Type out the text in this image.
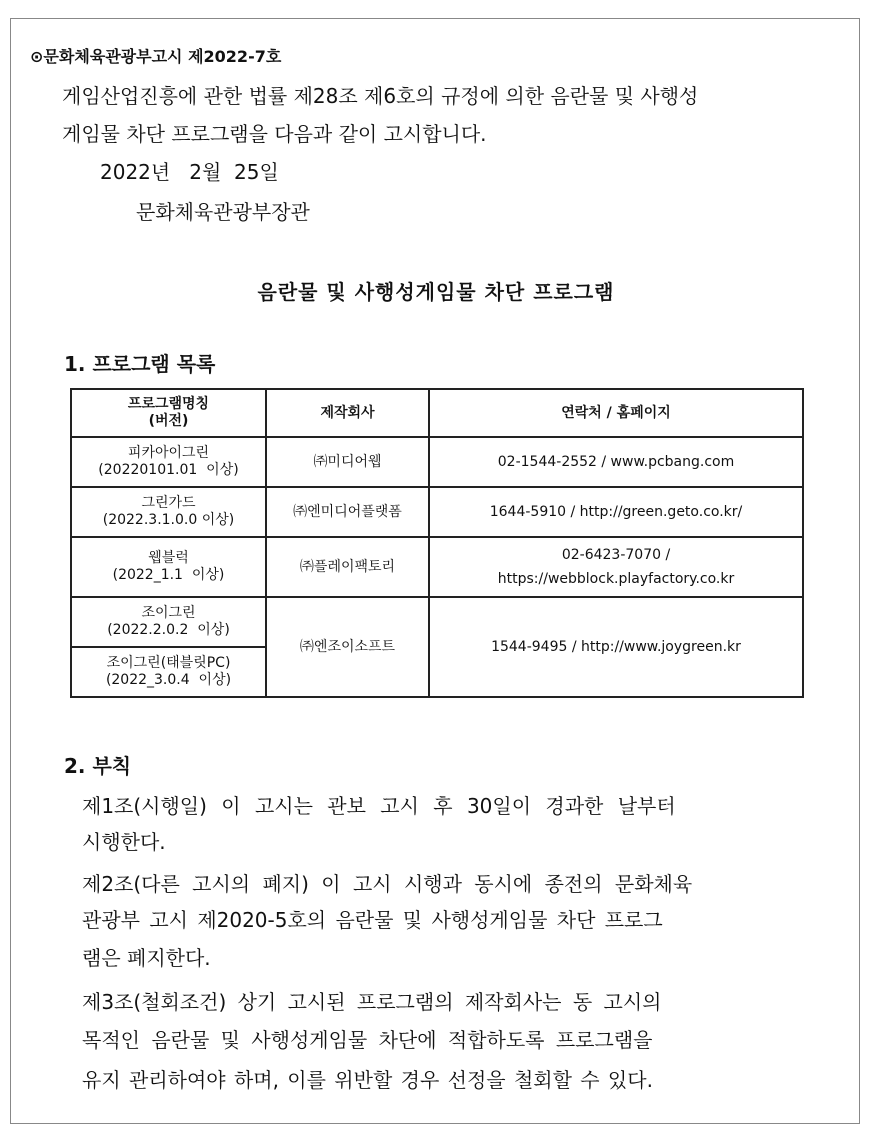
⊙문화체육관광부고시 제2022-7호
게임산업진흥에 관한 법률 제28조 제6호의 규정에 의한 음란물 및 사행성
게임물 차단 프로그램을 다음과 같이 고시합니다.
2022년   2월  25일
문화체육관광부장관
음란물 및 사행성게임물 차단 프로그램
1. 프로그램 목록
프로그램명칭
(버전)	제작회사	연락처 / 홈페이지
피카아이그린
(20220101.01  이상)	㈜미디어웹	02-1544-2552 / www.pcbang.com
그린가드
(2022.3.1.0.0 이상)	㈜엔미디어플랫폼	1644-5910 / http://green.geto.co.kr/
웹블럭
(2022_1.1  이상)	㈜플레이팩토리	02-6423-7070 /
https://webblock.playfactory.co.kr
조이그린
(2022.2.0.2  이상)	㈜엔조이소프트	1544-9495 / http://www.joygreen.kr
조이그린(태블릿PC)
(2022_3.0.4  이상)		
2. 부칙
제1조(시행일) 이 고시는 관보 고시 후 30일이 경과한 날부터
시행한다.
제2조(다른 고시의 폐지) 이 고시 시행과 동시에 종전의 문화체육
관광부 고시 제2020-5호의 음란물 및 사행성게임물 차단 프로그
램은 폐지한다.
제3조(철회조건) 상기 고시된 프로그램의 제작회사는 동 고시의
목적인 음란물 및 사행성게임물 차단에 적합하도록 프로그램을
유지 관리하여야 하며, 이를 위반할 경우 선정을 철회할 수 있다.
